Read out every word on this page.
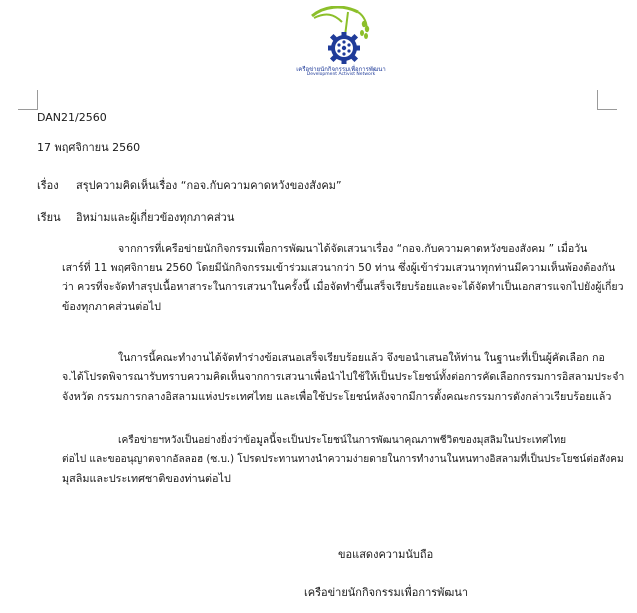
เครือข่ายนักกิจกรรมเพื่อการพัฒนา
Development Activist Network
DAN21/2560
17 พฤศจิกายน 2560
เรื่อง สรุปความคิดเห็นเรื่อง “กอจ.กับความคาดหวังของสังคม”
เรียน อิหม่ามและผู้เกี่ยวข้องทุกภาคส่วน
จากการที่เครือข่ายนักกิจกรรมเพื่อการพัฒนาได้จัดเสวนาเรื่อง “กอจ.กับความคาดหวังของสังคม ” เมื่อวัน
เสาร์ที่ 11 พฤศจิกายน 2560 โดยมีนักกิจกรรมเข้าร่วมเสวนากว่า 50 ท่าน ซึ่งผู้เข้าร่วมเสวนาทุกท่านมีความเห็นพ้องต้องกัน
ว่า ควรที่จะจัดทำสรุปเนื้อหาสาระในการเสวนาในครั้งนี้ เมื่อจัดทำขึ้นเสร็จเรียบร้อยและจะได้จัดทำเป็นเอกสารแจกไปยังผู้เกี่ยว
ข้องทุกภาคส่วนต่อไป
ในการนี้คณะทำงานได้จัดทำร่างข้อเสนอเสร็จเรียบร้อยแล้ว จึงขอนำเสนอให้ท่าน ในฐานะที่เป็นผู้คัดเลือก กอ
จ.ได้โปรดพิจารณารับทราบความคิดเห็นจากการเสวนาเพื่อนำไปใช้ให้เป็นประโยชน์ทั้งต่อการคัดเลือกกรรมการอิสลามประจำ
จังหวัด กรรมการกลางอิสลามแห่งประเทศไทย และเพื่อใช้ประโยชน์หลังจากมีการตั้งคณะกรรมการดังกล่าวเรียบร้อยแล้ว
เครือข่ายฯหวังเป็นอย่างยิ่งว่าข้อมูลนี้จะเป็นประโยชน์ในการพัฒนาคุณภาพชีวิตของมุสลิมในประเทศไทย
ต่อไป และขออนุญาตจากอัลลอฮ (ซ.บ.) โปรดประทานทางนำความง่ายดายในการทำงานในหนทางอิสลามที่เป็นประโยชน์ต่อสังคม
มุสลิมและประเทศชาติของท่านต่อไป
ขอแสดงความนับถือ
เครือข่ายนักกิจกรรมเพื่อการพัฒนา
